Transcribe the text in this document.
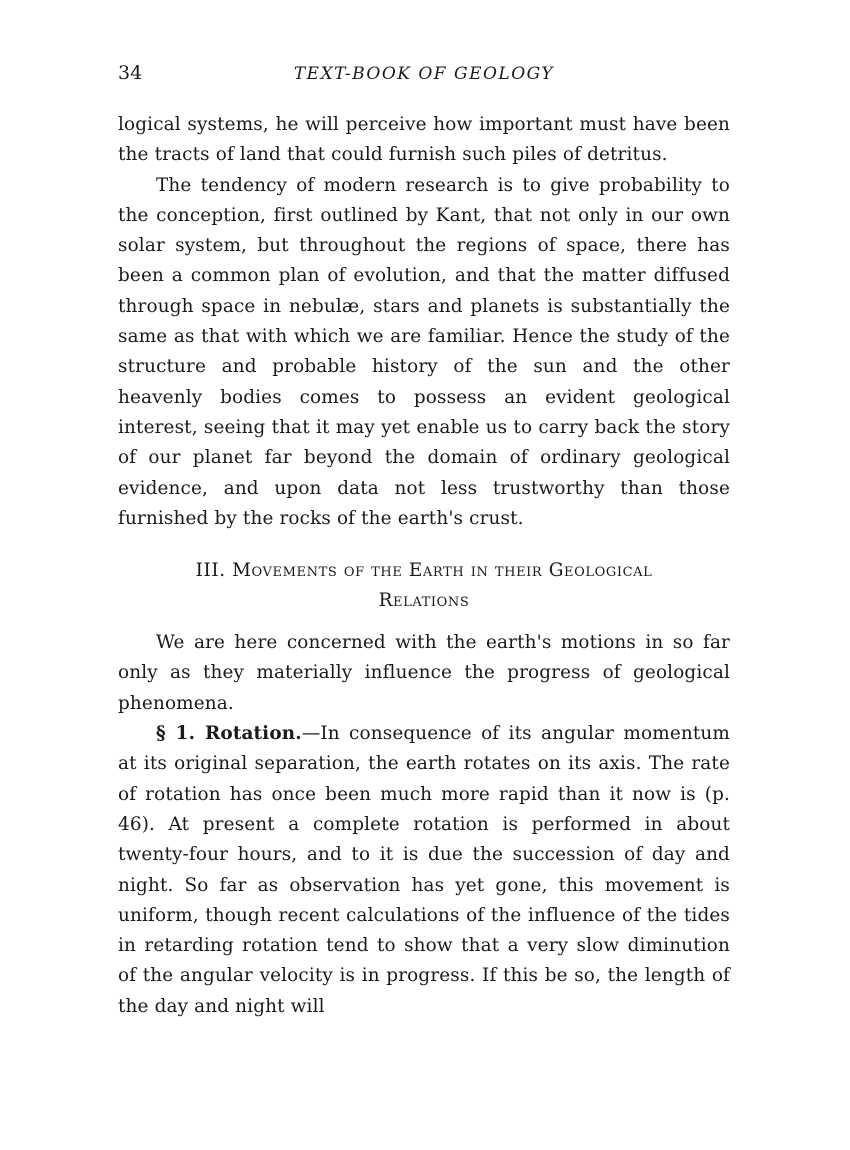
34	TEXT-BOOK OF GEOLOGY

logical systems, he will perceive how important must have been the tracts of land that could furnish such piles of detritus.

The tendency of modern research is to give probability to the conception, first outlined by Kant, that not only in our own solar system, but throughout the regions of space, there has been a common plan of evolution, and that the matter diffused through space in nebulæ, stars and planets is substantially the same as that with which we are familiar. Hence the study of the structure and probable history of the sun and the other heavenly bodies comes to possess an evident geological interest, seeing that it may yet enable us to carry back the story of our planet far beyond the domain of ordinary geological evidence, and upon data not less trustworthy than those furnished by the rocks of the earth's crust.

III. Movements of the Earth in their Geological
Relations

We are here concerned with the earth's motions in so far only as they materially influence the progress of geological phenomena.

§ 1. Rotation.—In consequence of its angular momentum at its original separation, the earth rotates on its axis. The rate of rotation has once been much more rapid than it now is (p. 46). At present a complete rotation is performed in about twenty-four hours, and to it is due the succession of day and night. So far as observation has yet gone, this movement is uniform, though recent calculations of the influence of the tides in retarding rotation tend to show that a very slow diminution of the angular velocity is in progress. If this be so, the length of the day and night will
